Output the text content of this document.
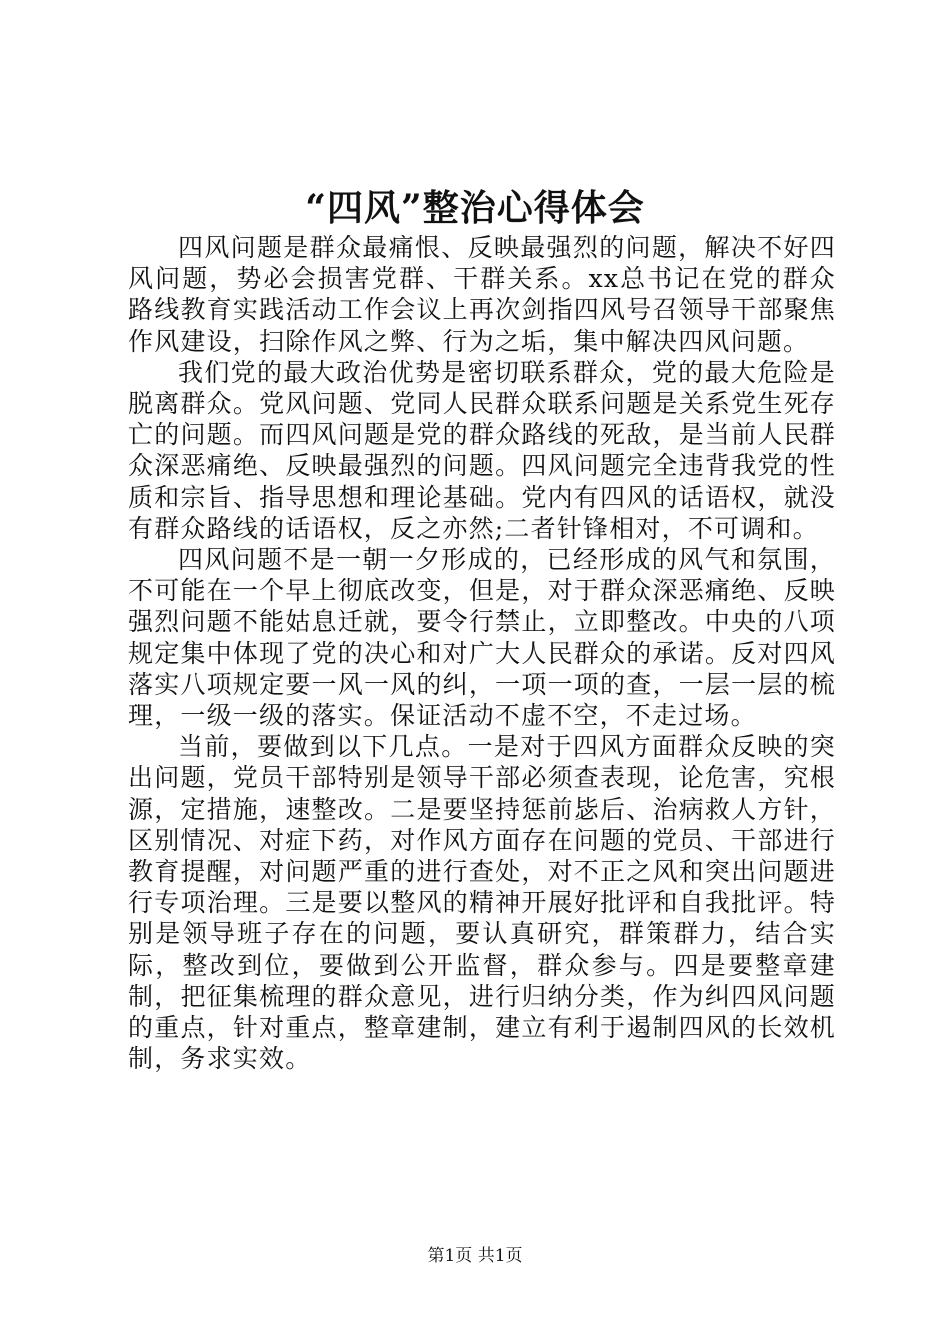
“四风”整治心得体会

四风问题是群众最痛恨、反映最强烈的问题，解决不好四风问题，势必会损害党群、干群关系。xx总书记在党的群众路线教育实践活动工作会议上再次剑指四风号召领导干部聚焦作风建设，扫除作风之弊、行为之垢，集中解决四风问题。

我们党的最大政治优势是密切联系群众，党的最大危险是脱离群众。党风问题、党同人民群众联系问题是关系党生死存亡的问题。而四风问题是党的群众路线的死敌，是当前人民群众深恶痛绝、反映最强烈的问题。四风问题完全违背我党的性质和宗旨、指导思想和理论基础。党内有四风的话语权，就没有群众路线的话语权，反之亦然;二者针锋相对，不可调和。

四风问题不是一朝一夕形成的，已经形成的风气和氛围，不可能在一个早上彻底改变，但是，对于群众深恶痛绝、反映强烈问题不能姑息迁就，要令行禁止，立即整改。中央的八项规定集中体现了党的决心和对广大人民群众的承诺。反对四风落实八项规定要一风一风的纠，一项一项的查，一层一层的梳理，一级一级的落实。保证活动不虚不空，不走过场。

当前，要做到以下几点。一是对于四风方面群众反映的突出问题，党员干部特别是领导干部必须查表现，论危害，究根源，定措施，速整改。二是要坚持惩前毖后、治病救人方针，区别情况、对症下药，对作风方面存在问题的党员、干部进行教育提醒，对问题严重的进行查处，对不正之风和突出问题进行专项治理。三是要以整风的精神开展好批评和自我批评。特别是领导班子存在的问题，要认真研究，群策群力，结合实际，整改到位，要做到公开监督，群众参与。四是要整章建制，把征集梳理的群众意见，进行归纳分类，作为纠四风问题的重点，针对重点，整章建制，建立有利于遏制四风的长效机制，务求实效。

第1页 共1页
